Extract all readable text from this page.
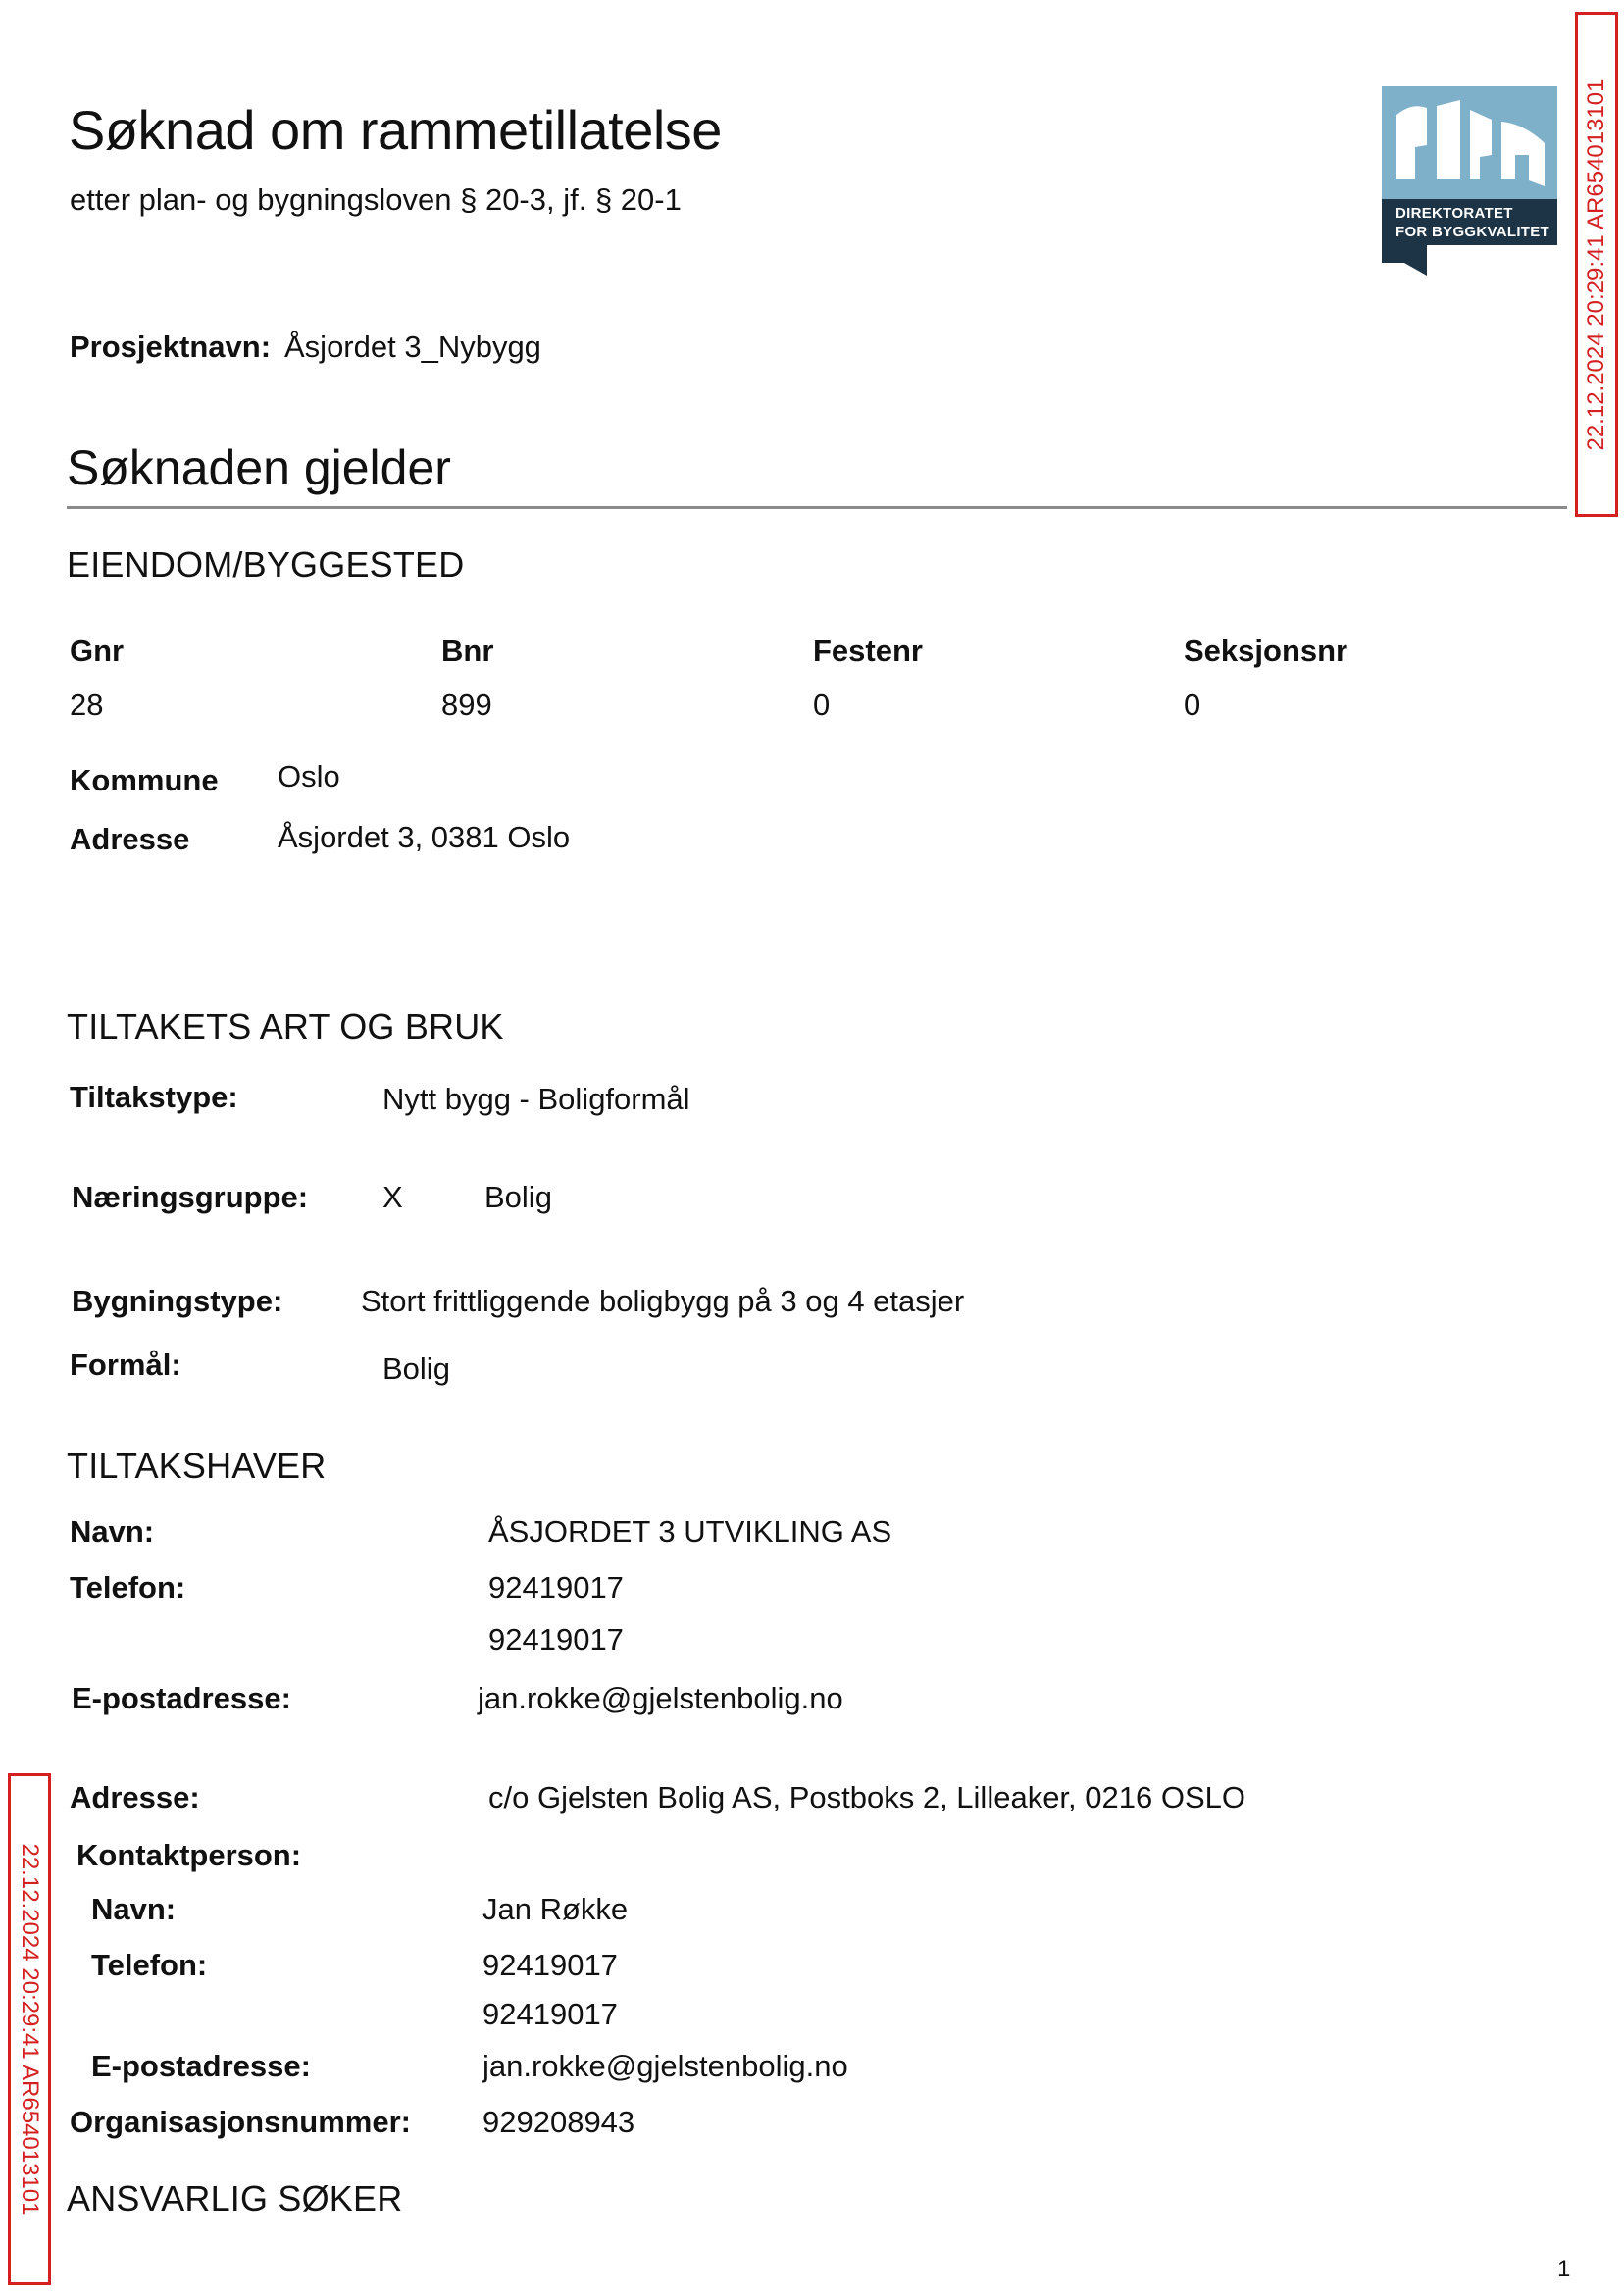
Søknad om rammetillatelse
etter plan- og bygningsloven § 20-3, jf. § 20-1	DIREKTORATET
FOR BYGGKVALITET 22.12.2024 20:29:41 AR654013101
22.12.2024 20:29:41 AR654013101
Prosjektnavn: Åsjordet 3_Nybygg
Søknaden gjelder
EIENDOM/BYGGESTED
Gnr	Bnr	Festenr	Seksjonsnr
28	899	0	0
Kommune Oslo
Adresse	Åsjordet 3, 0381 Oslo
TILTAKETS ART OG BRUK
Tiltakstype:	Nytt bygg - Boligformål
Næringsgruppe: X	Bolig
Bygningstype:	Stort frittliggende boligbygg på 3 og 4 etasjer
Formål:	Bolig
TILTAKSHAVER
Navn:	ÅSJORDET 3 UTVIKLING AS
Telefon:	92419017
92419017
E-postadresse:	jan.rokke@gjelstenbolig.no
Adresse:	c/o Gjelsten Bolig AS, Postboks 2, Lilleaker, 0216 OSLO
Kontaktperson:
Navn:	Jan Røkke
Telefon:	92419017
92419017
E-postadresse:	jan.rokke@gjelstenbolig.no
Organisasjonsnummer: 929208943
ANSVARLIG SØKER
1
